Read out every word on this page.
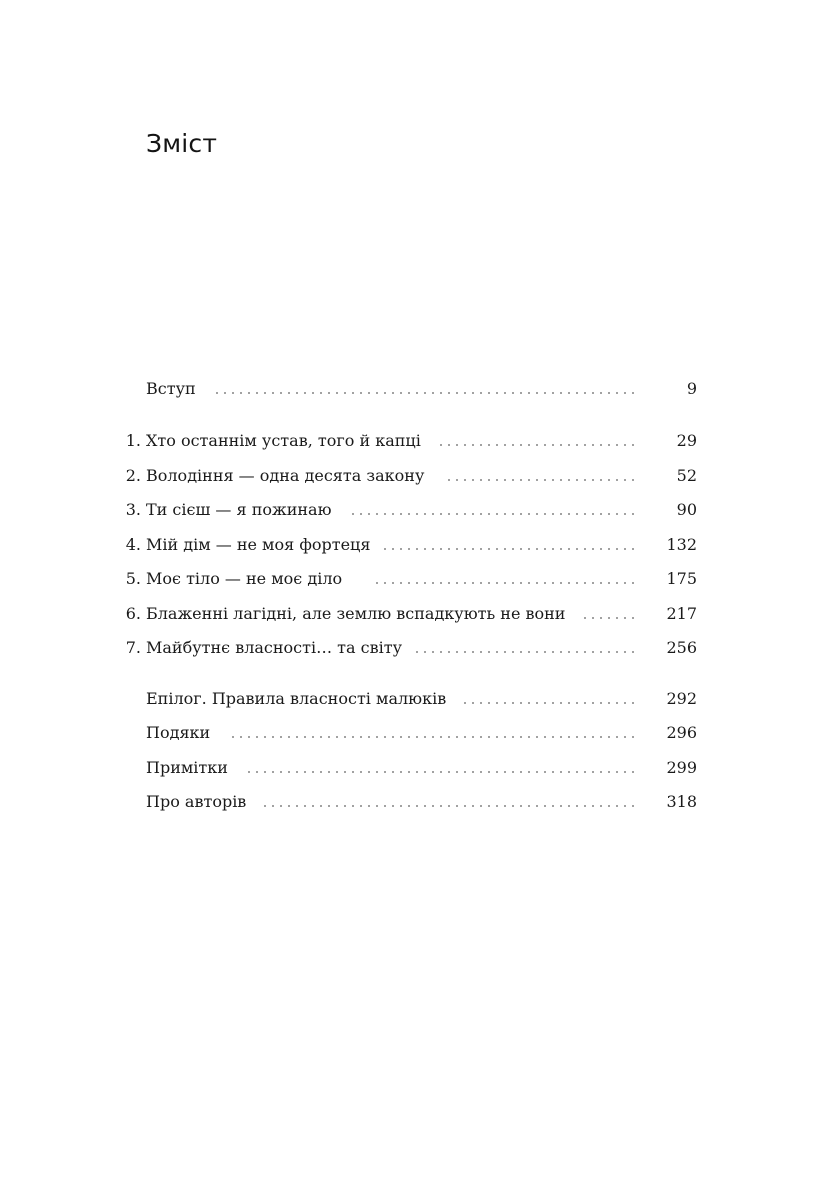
Зміст
Вступ	9
1. Хто останнім устав, того й капці	29
2. Володіння — одна десята закону	52
3. Ти сієш — я пожинаю	90
4. Мій дім — не моя фортеця	132
5. Моє тіло — не моє діло	175
6. Блаженні лагідні, але землю вспадкують не вони	217
7. Майбутнє власності… та світу	256
Епілог. Правила власності малюків	292
Подяки	296
Примітки	299
Про авторів	318
